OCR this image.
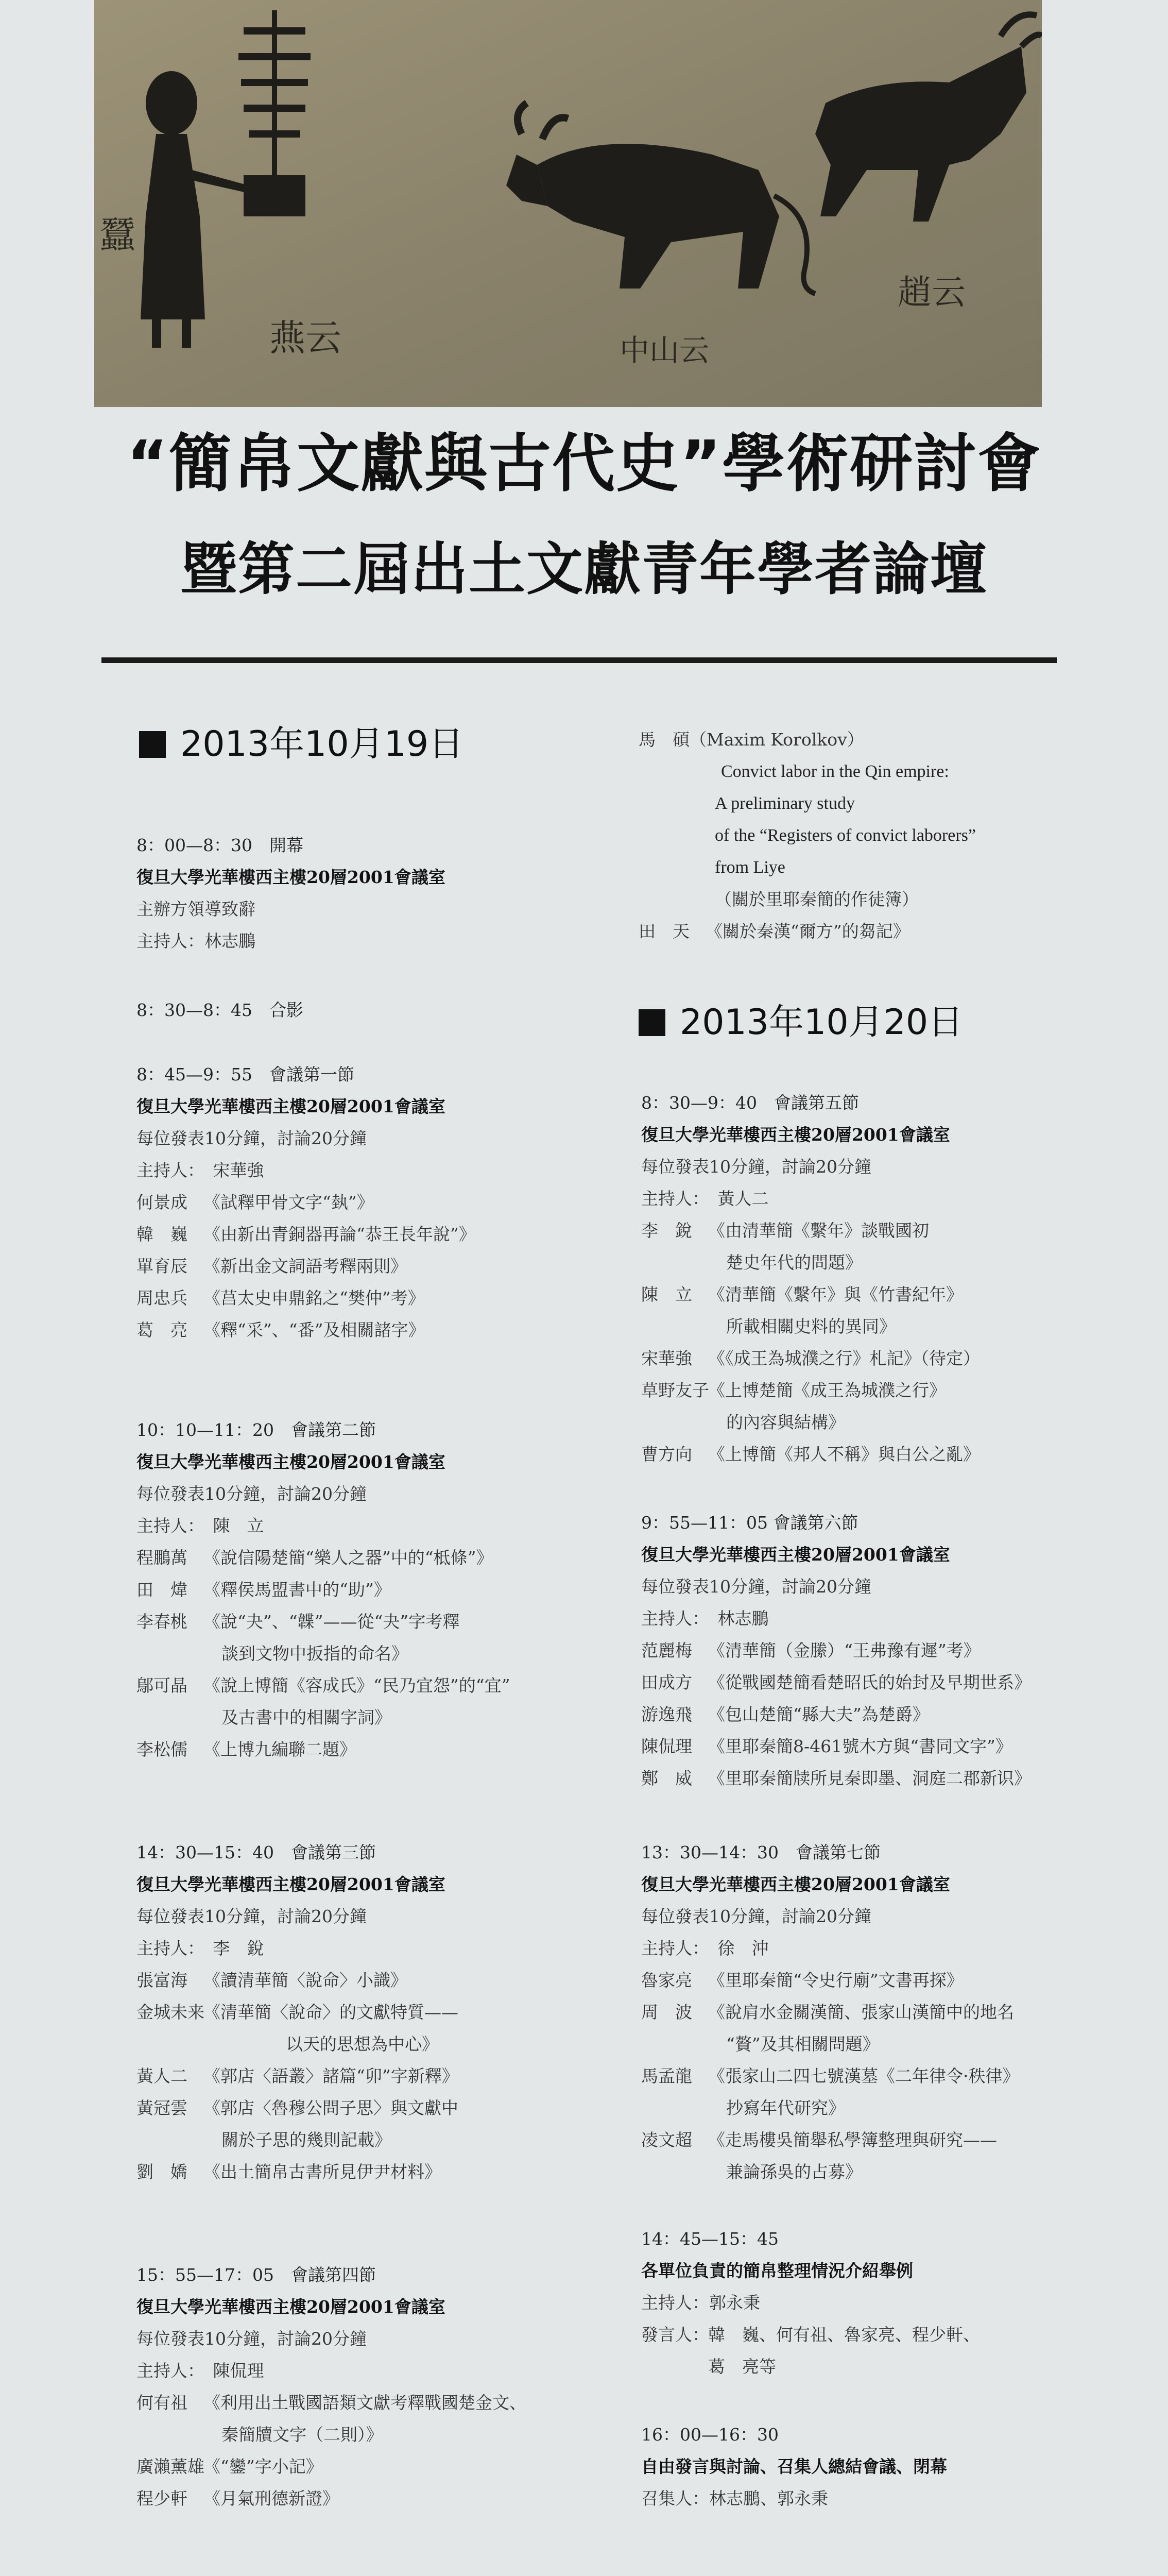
蠶
燕云	中山云
趙云
“簡帛文獻與古代史”學術研討會
暨第二屆出土文獻青年學者論壇
2013年10月19日
8：00—8：30　開幕
復旦大學光華樓西主樓20層2001會議室
主辦方領導致辭
主持人：林志鵬
8：30—8：45　合影
8：45—9：55　會議第一節
復旦大學光華樓西主樓20層2001會議室
每位發表10分鐘，討論20分鐘
主持人：　宋華強
何景成 《試釋甲骨文字“埶”》
韓　巍 《由新出青銅器再論“恭王長年說”》
單育辰 《新出金文詞語考釋兩則》
周忠兵 《莒太史申鼎銘之“樊仲”考》
葛　亮 《釋“采”、“番”及相關諸字》
10：10—11：20　會議第二節
復旦大學光華樓西主樓20層2001會議室
每位發表10分鐘，討論20分鐘
主持人：　陳　立
程鵬萬 《說信陽楚簡“樂人之器”中的“柢條”》
田　煒 《釋侯馬盟書中的“助”》
李春桃 《說“夬”、“韘”——從“夬”字考釋
談到文物中扳指的命名》
鄔可晶 《說上博簡《容成氏》“民乃宜怨”的“宜”
及古書中的相關字詞》
李松儒 《上博九編聯二題》
14：30—15：40　會議第三節
復旦大學光華樓西主樓20層2001會議室
每位發表10分鐘，討論20分鐘
主持人：　李　銳
張富海 《讀清華簡〈說命〉小識》
金城未来
《清華簡〈說命〉的文獻特質——
以天的思想為中心》
黃人二 《郭店〈語叢〉諸篇“卯”字新釋》
黃冠雲 《郭店〈魯穆公問子思〉與文獻中
關於子思的幾則記載》
劉　嬌 《出土簡帛古書所見伊尹材料》
15：55—17：05　會議第四節
復旦大學光華樓西主樓20層2001會議室
每位發表10分鐘，討論20分鐘
主持人：　陳侃理
何有祖 《利用出土戰國語類文獻考釋戰國楚金文、
秦簡牘文字（二則）》
廣瀨薰雄
《“鑾”字小記》
程少軒 《月氣刑德新證》
馬　碩（Maxim Korolkov）
Convict labor in the Qin empire:
A preliminary study
of the “Registers of convict laborers”
from Liye
（關於里耶秦簡的作徒簿）
田　天 《關於秦漢“爾方”的芻記》
2013年10月20日
8：30—9：40　會議第五節
復旦大學光華樓西主樓20層2001會議室
每位發表10分鐘，討論20分鐘
主持人：　黃人二
李　銳 《由清華簡《繫年》談戰國初
楚史年代的問題》
陳　立 《清華簡《繫年》與《竹書紀年》
所載相關史料的異同》
宋華強 《《成王為城濮之行》札記》（待定）
草野友子
《上博楚簡《成王為城濮之行》
的內容與結構》
曹方向 《上博簡《邦人不稱》與白公之亂》
9：55—11：05 會議第六節
復旦大學光華樓西主樓20層2001會議室
每位發表10分鐘，討論20分鐘
主持人：　林志鵬
范麗梅 《清華簡（金縢）“王弗豫有遲”考》
田成方 《從戰國楚簡看楚昭氏的始封及早期世系》
游逸飛 《包山楚簡“縣大夫”為楚爵》
陳侃理 《里耶秦簡8-461號木方與“書同文字”》
鄭　威 《里耶秦簡牍所見秦即墨、洞庭二郡新识》
13：30—14：30　會議第七節
復旦大學光華樓西主樓20層2001會議室
每位發表10分鐘，討論20分鐘
主持人：　徐　沖
魯家亮 《里耶秦簡“令史行廟”文書再探》
周　波 《說肩水金關漢簡、張家山漢簡中的地名
“贅”及其相關問題》
馬孟龍 《張家山二四七號漢墓《二年律令·秩律》
抄寫年代研究》
凌文超 《走馬樓吳簡舉私學簿整理與研究——
兼論孫吳的占募》
14：45—15：45
各單位負責的簡帛整理情況介紹舉例
主持人：郭永秉
發言人：
韓　巍、何有祖、魯家亮、程少軒、
葛　亮等
16：00—16：30
自由發言與討論、召集人總結會議、閉幕
召集人：林志鵬、郭永秉
